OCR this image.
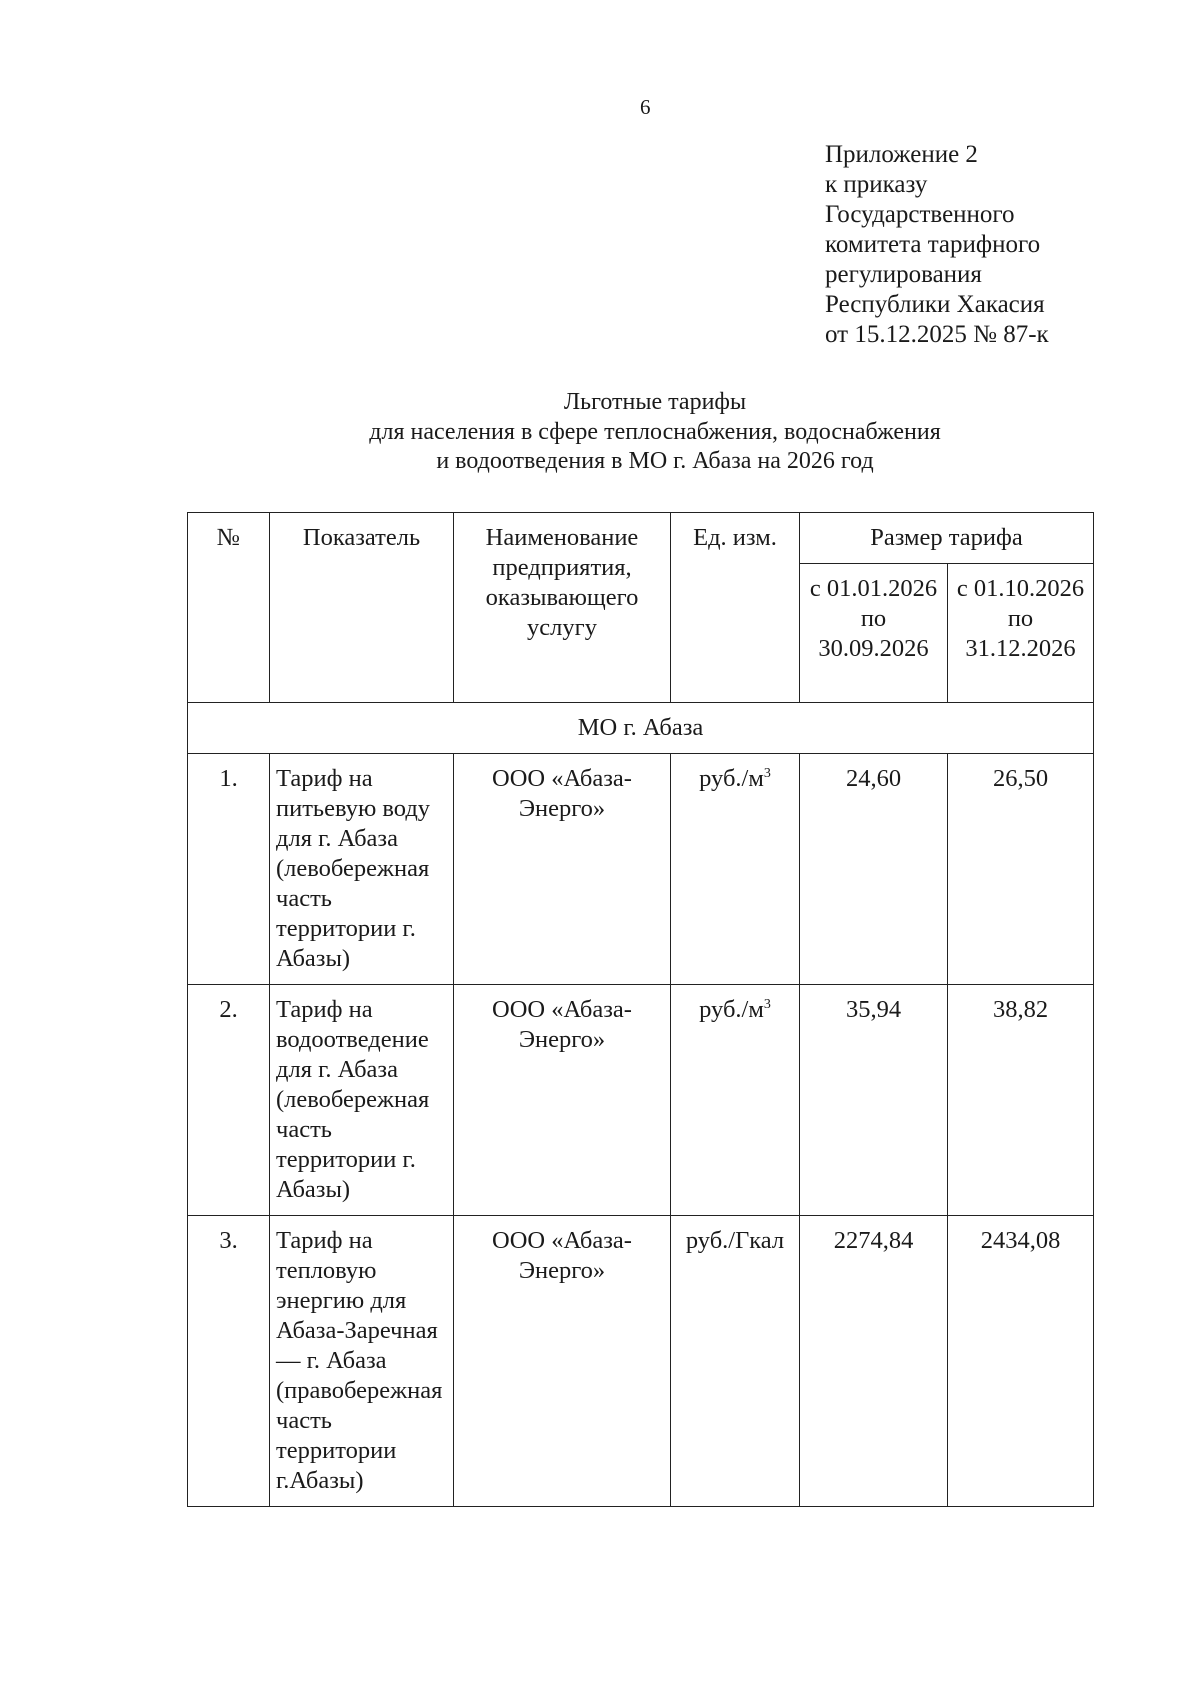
6
Приложение 2
к приказу
Государственного
комитета тарифного
регулирования
Республики Хакасия
от 15.12.2025 № 87-к
Льготные тарифы
для населения в сфере теплоснабжения, водоснабжения
и водоотведения в МО г. Абаза на 2026 год
№	Показатель	Наименование предприятия, оказывающего услугу	Ед. изм.	Размер тарифа	
				с 01.01.2026 по 30.09.2026	с 01.10.2026 по 31.12.2026
МО г. Абаза					
1.	Тариф на питьевую воду для г. Абаза (левобережная часть территории г. Абазы)	ООО «Абаза-Энерго»	$руб./м^3$	24,60	26,50
2.	Тариф на водоотведение для г. Абаза (левобережная часть территории г. Абазы)	ООО «Абаза-Энерго»	$руб./м^3$	35,94	38,82
3.	Тариф на тепловую энергию для Абаза-Заречная — г. Абаза (правобережная часть территории г.Абазы)	ООО «Абаза-Энерго»	руб./Гкал	2274,84	2434,08
